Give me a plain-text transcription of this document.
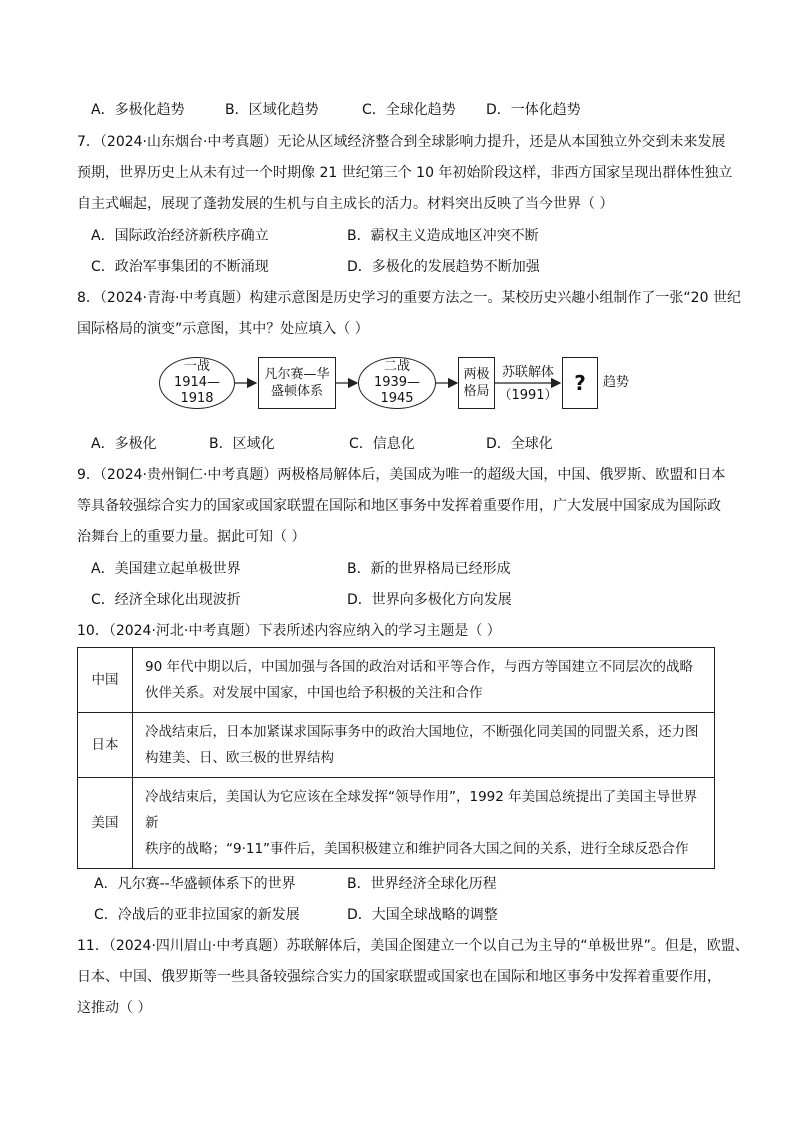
A．多极化趋势	B．区域化趋势	C．全球化趋势 D．一体化趋势
7．（2024·山东烟台·中考真题）无论从区域经济整合到全球影响力提升，还是从本国独立外交到未来发展
预期，世界历史上从未有过一个时期像 21 世纪第三个 10 年初始阶段这样，非西方国家呈现出群体性独立
自主式崛起，展现了蓬勃发展的生机与自主成长的活力。材料突出反映了当今世界（ ）
A．国际政治经济新秩序确立	B．霸权主义造成地区冲突不断
C．政治军事集团的不断涌现	D．多极化的发展趋势不断加强
8．（2024·青海·中考真题）构建示意图是历史学习的重要方法之一。某校历史兴趣小组制作了一张“20 世纪
国际格局的演变”示意图，其中？处应填入（ ）
一战
1914—
1918
凡尔赛—华
盛顿体系
二战
1939—
1945
两极
格局
苏联解体
（1991）
?	趋势
A．多极化	B．区域化	C．信息化	D．全球化
9．（2024·贵州铜仁·中考真题）两极格局解体后，美国成为唯一的超级大国，中国、俄罗斯、欧盟和日本
等具备较强综合实力的国家或国家联盟在国际和地区事务中发挥着重要作用，广大发展中国家成为国际政
治舞台上的重要力量。据此可知（ ）
A．美国建立起单极世界	B．新的世界格局已经形成
C．经济全球化出现波折	D．世界向多极化方向发展
10．（2024·河北·中考真题）下表所述内容应纳入的学习主题是（ ）
中国	90 年代中期以后，中国加强与各国的政治对话和平等合作，与西方等国建立不同层次的战略
伙伴关系。对发展中国家，中国也给予积极的关注和合作

日本	冷战结束后，日本加紧谋求国际事务中的政治大国地位，不断强化同美国的同盟关系，还力图
构建美、日、欧三极的世界结构

美国	冷战结束后，美国认为它应该在全球发挥“领导作用”，1992 年美国总统提出了美国主导世界新
秩序的战略；“9·11”事件后，美国积极建立和维护同各大国之间的关系，进行全球反恐合作
A．凡尔赛--华盛顿体系下的世界	B．世界经济全球化历程
C．冷战后的亚非拉国家的新发展	D．大国全球战略的调整
11．（2024·四川眉山·中考真题）苏联解体后，美国企图建立一个以自己为主导的“单极世界”。但是，欧盟、
日本、中国、俄罗斯等一些具备较强综合实力的国家联盟或国家也在国际和地区事务中发挥着重要作用，
这推动（ ）
